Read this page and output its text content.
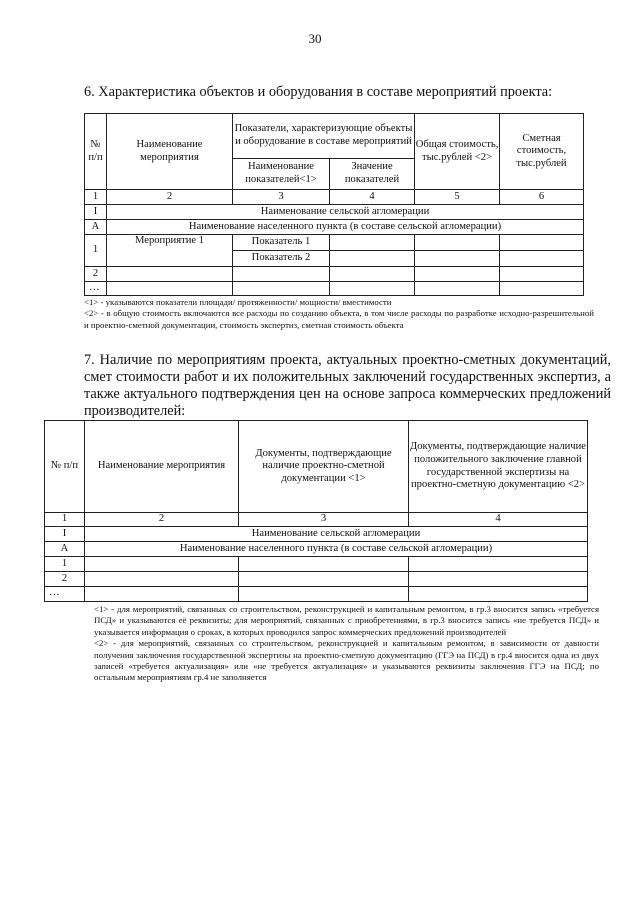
30
6. Характеристика объектов и оборудования в составе мероприятий проекта:
№ п/п	Наименование мероприятия	Показатели, характеризующие объекты и оборудование в составе мероприятий		Общая стоимость, тыс.рублей <2>	Сметная стоимость, тыс.рублей
		Наименование показателей<1>	Значение показателей		
1	2	3	4	5	6
I	Наименование сельской агломерации				
А	Наименование населенного пункта (в составе сельской агломерации)				
1	Мероприятие 1	Показатель 1			
		Показатель 2			
2					
…					
<1> - указываются показатели площади/ протяженности/ мощности/ вместимости
<2> - в общую стоимость включаются все расходы по созданию объекта, в том числе расходы по разработке исходно-разрешительной и проектно-сметной документации, стоимость экспертиз, сметная стоимость объекта
7. Наличие по мероприятиям проекта, актуальных проектно-сметных документаций, смет стоимости работ и их положительных заключений государственных экспертиз, а также актуального подтверждения цен на основе запроса коммерческих предложений производителей:
№ п/п	Наименование мероприятия	Документы, подтверждающие наличие проектно-сметной документации <1>	Документы, подтверждающие наличие положительного заключение главной государственной экспертизы на проектно-сметную документацию <2>
1	2	3	4
I	Наименование сельской агломерации		
А	Наименование населенного пункта (в составе сельской агломерации)		
1			
2			
…			
<1> - для мероприятий, связанных со строительством, реконструкцией и капитальным ремонтом, в гр.3 вносится запись «требуется ПСД» и указываются её реквизиты; для мероприятий, связанных с приобретениями, в гр.3 вносится запись «не требуется ПСД» и указывается информация о сроках, в которых проводился запрос коммерческих предложений производителей
<2> - для мероприятий, связанных со строительством, реконструкцией и капитальным ремонтом, в зависимости от давности получения заключения государственной экспертизы на проектно-сметную документацию (ГГЭ на ПСД) в гр.4 вносится одна из двух записей «требуется актуализация» или «не требуется актуализация» и указываются реквизиты заключения ГГЭ на ПСД; по остальным мероприятиям гр.4 не заполняется
